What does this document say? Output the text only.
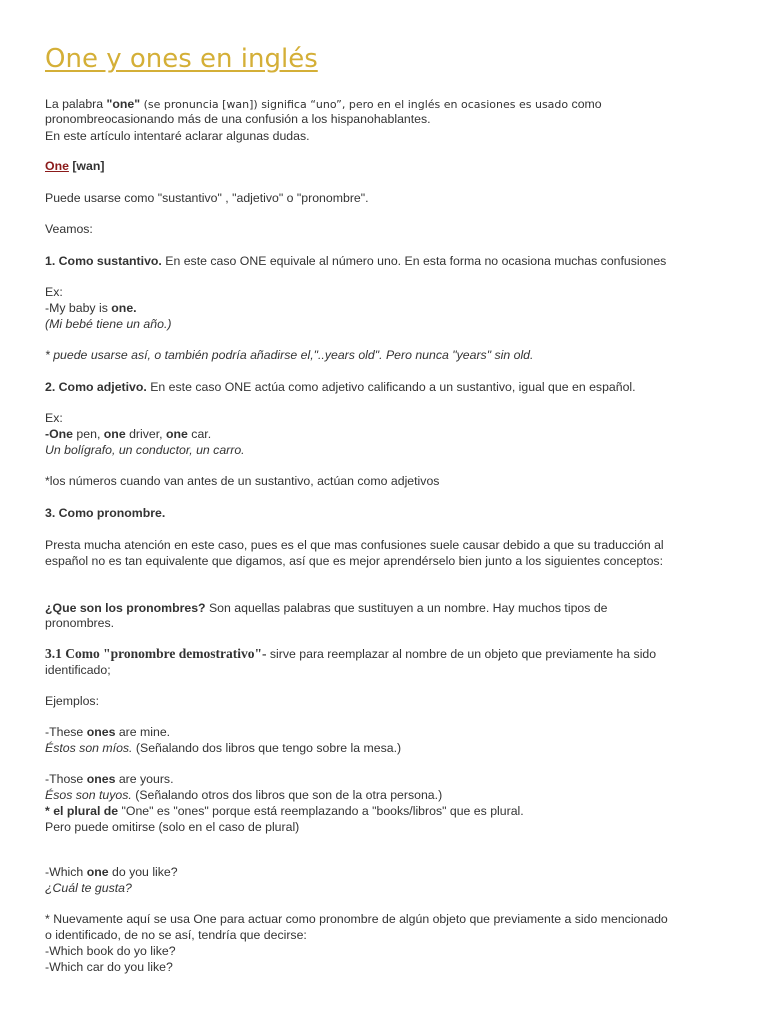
One y ones en inglés
La palabra "one" (se pronuncia [wan]) significa “uno”, pero en el inglés en ocasiones es usado como
pronombreocasionando más de una confusión a los hispanohablantes.
En este artículo intentaré aclarar algunas dudas.
One [wan]
Puede usarse como "sustantivo" , "adjetivo" o "pronombre".
Veamos:
1. Como sustantivo. En este caso ONE equivale al número uno. En esta forma no ocasiona muchas confusiones
Ex:
-My baby is one.
(Mi bebé tiene un año.)
* puede usarse así, o también podría añadirse el,"..years old". Pero nunca "years" sin old.
2. Como adjetivo. En este caso ONE actúa como adjetivo calificando a un sustantivo, igual que en español.
Ex:
-One pen, one driver, one car.
Un bolígrafo, un conductor, un carro.
*los números cuando van antes de un sustantivo, actúan como adjetivos
3. Como pronombre.
Presta mucha atención en este caso, pues es el que mas confusiones suele causar debido a que su traducción al
español no es tan equivalente que digamos, así que es mejor aprendérselo bien junto a los siguientes conceptos:
¿Que son los pronombres? Son aquellas palabras que sustituyen a un nombre. Hay muchos tipos de
pronombres.
3.1 Como "pronombre demostrativo"- sirve para reemplazar al nombre de un objeto que previamente ha sido
identificado;
Ejemplos:
-These ones are mine.
Éstos son míos. (Señalando dos libros que tengo sobre la mesa.)
-Those ones are yours.
Ésos son tuyos. (Señalando otros dos libros que son de la otra persona.)
* el plural de "One" es "ones" porque está reemplazando a "books/libros" que es plural.
Pero puede omitirse (solo en el caso de plural)
-Which one do you like?
¿Cuál te gusta?
* Nuevamente aquí se usa One para actuar como pronombre de algún objeto que previamente a sido mencionado
o identificado, de no se así, tendría que decirse:
-Which book do yo like?
-Which car do you like?
